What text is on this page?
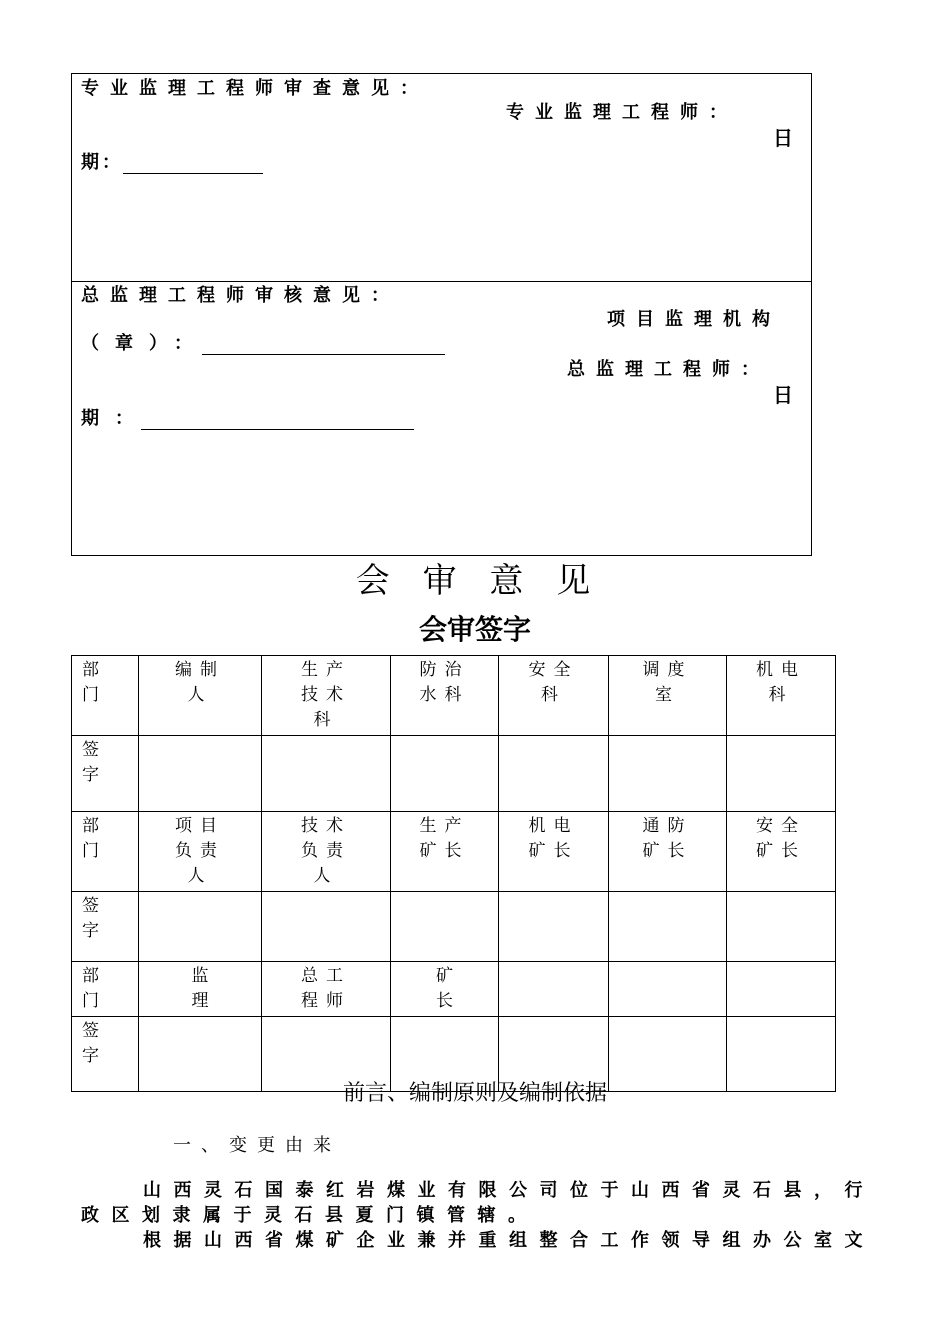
专业监理工程师审查意见：
专业监理工程师：
日
期：
总监理工程师审核意见：
项目监理机构
（章）：
总监理工程师：
日
期：
会 审 意 见
会审签字
部门	编制人	生产技术科	防治水科	安全科	调度室	机电科

签字						

部门	项目负责人	技术负责人	生产矿长	机电矿长	通防矿长	安全矿长

签字						

部门	监理	总工程师	矿长			

签字						

前言、编制原则及编制依据
一、变更由来
山西灵石国泰红岩煤业有限公司位于山西省灵石县，行
政区划隶属于灵石县夏门镇管辖。
根据山西省煤矿企业兼并重组整合工作领导组办公室文
